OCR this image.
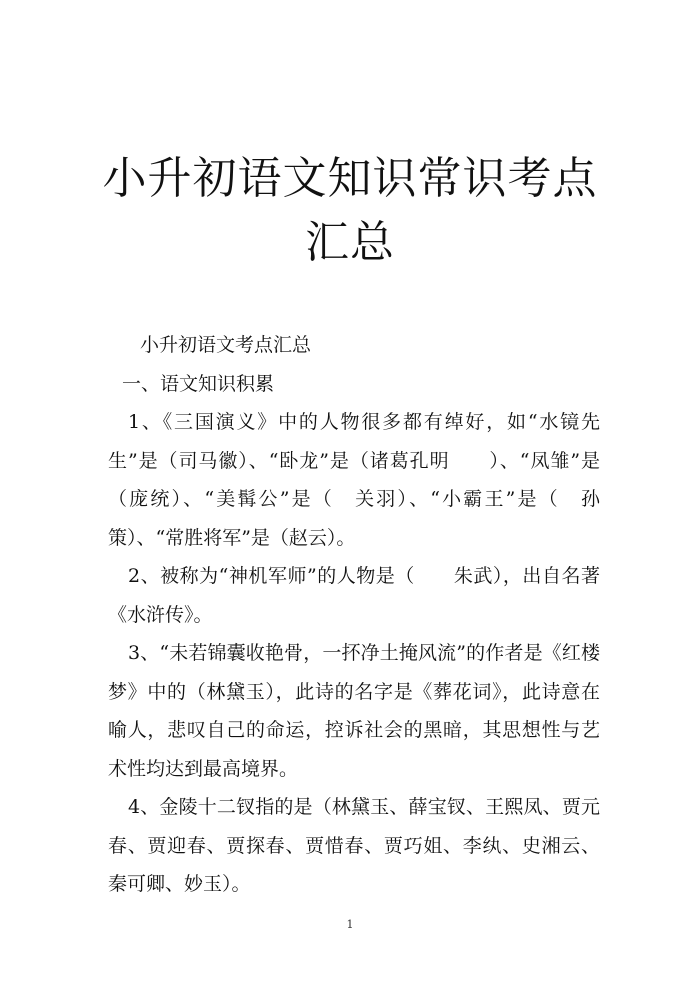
小升初语文知识常识考点
汇总

小升初语文考点汇总

一、语文知识积累

1、《三国演义》中的人物很多都有绰好，如“水镜先生”是（司马徽）、“卧龙”是（诸葛孔明　　）、“凤雏”是（庞统）、“美髯公”是（　关羽）、“小霸王”是（　孙策）、“常胜将军”是（赵云）。

2、被称为“神机军师”的人物是（　　朱武），出自名著《水浒传》。

3、“未若锦囊收艳骨，一抔净土掩风流”的作者是《红楼梦》中的（林黛玉），此诗的名字是《葬花词》，此诗意在喻人，悲叹自己的命运，控诉社会的黑暗，其思想性与艺术性均达到最高境界。

4、金陵十二钗指的是（林黛玉、薛宝钗、王熙凤、贾元春、贾迎春、贾探春、贾惜春、贾巧姐、李纨、史湘云、秦可卿、妙玉）。

1
